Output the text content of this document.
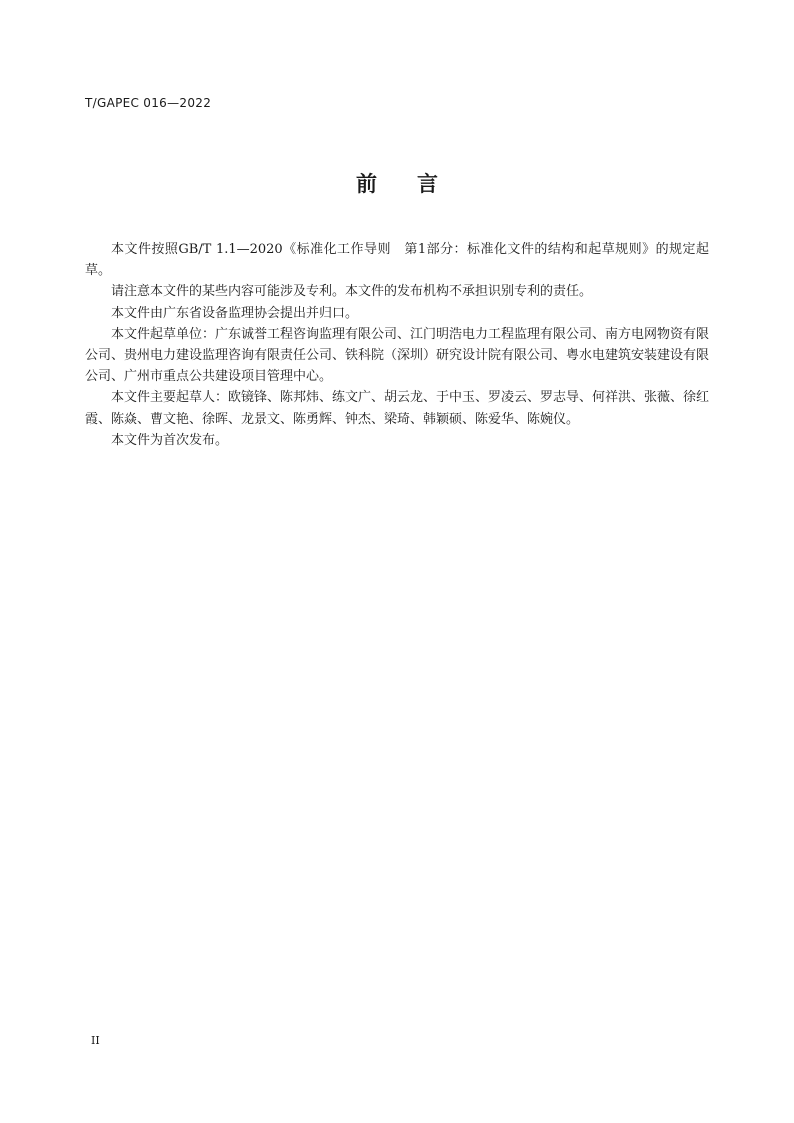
T/GAPEC 016—2022
前言

本文件按照GB/T 1.1—2020《标准化工作导则　第1部分：标准化文件的结构和起草规则》的规定起草。

请注意本文件的某些内容可能涉及专利。本文件的发布机构不承担识别专利的责任。

本文件由广东省设备监理协会提出并归口。

本文件起草单位：广东诚誉工程咨询监理有限公司、江门明浩电力工程监理有限公司、南方电网物资有限公司、贵州电力建设监理咨询有限责任公司、铁科院（深圳）研究设计院有限公司、粤水电建筑安装建设有限公司、广州市重点公共建设项目管理中心。

本文件主要起草人：欧镜锋、陈邦炜、练文广、胡云龙、于中玉、罗凌云、罗志导、何祥洪、张薇、徐红霞、陈焱、曹文艳、徐晖、龙景文、陈勇辉、钟杰、梁琦、韩颖硕、陈爱华、陈婉仪。

本文件为首次发布。

II
